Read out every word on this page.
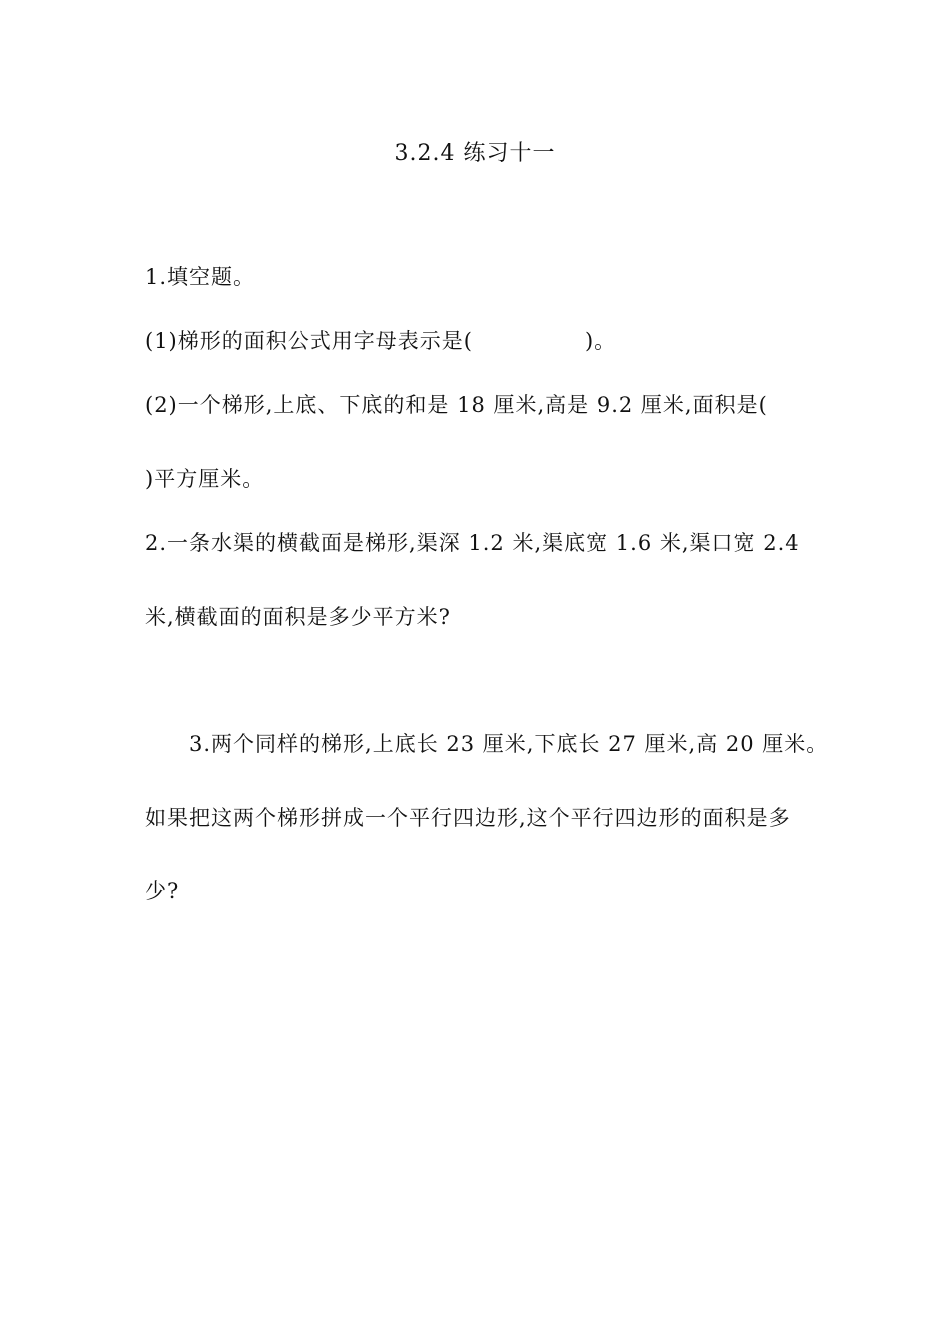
3.2.4 练习十一
1.填空题。
(1)梯形的面积公式用字母表示是(	)。
(2)一个梯形,上底、下底的和是 18 厘米,高是 9.2 厘米,面积是(
)平方厘米。
2.一条水渠的横截面是梯形,渠深 1.2 米,渠底宽 1.6 米,渠口宽 2.4
米,横截面的面积是多少平方米?
3.两个同样的梯形,上底长 23 厘米,下底长 27 厘米,高 20 厘米。
如果把这两个梯形拼成一个平行四边形,这个平行四边形的面积是多
少?
